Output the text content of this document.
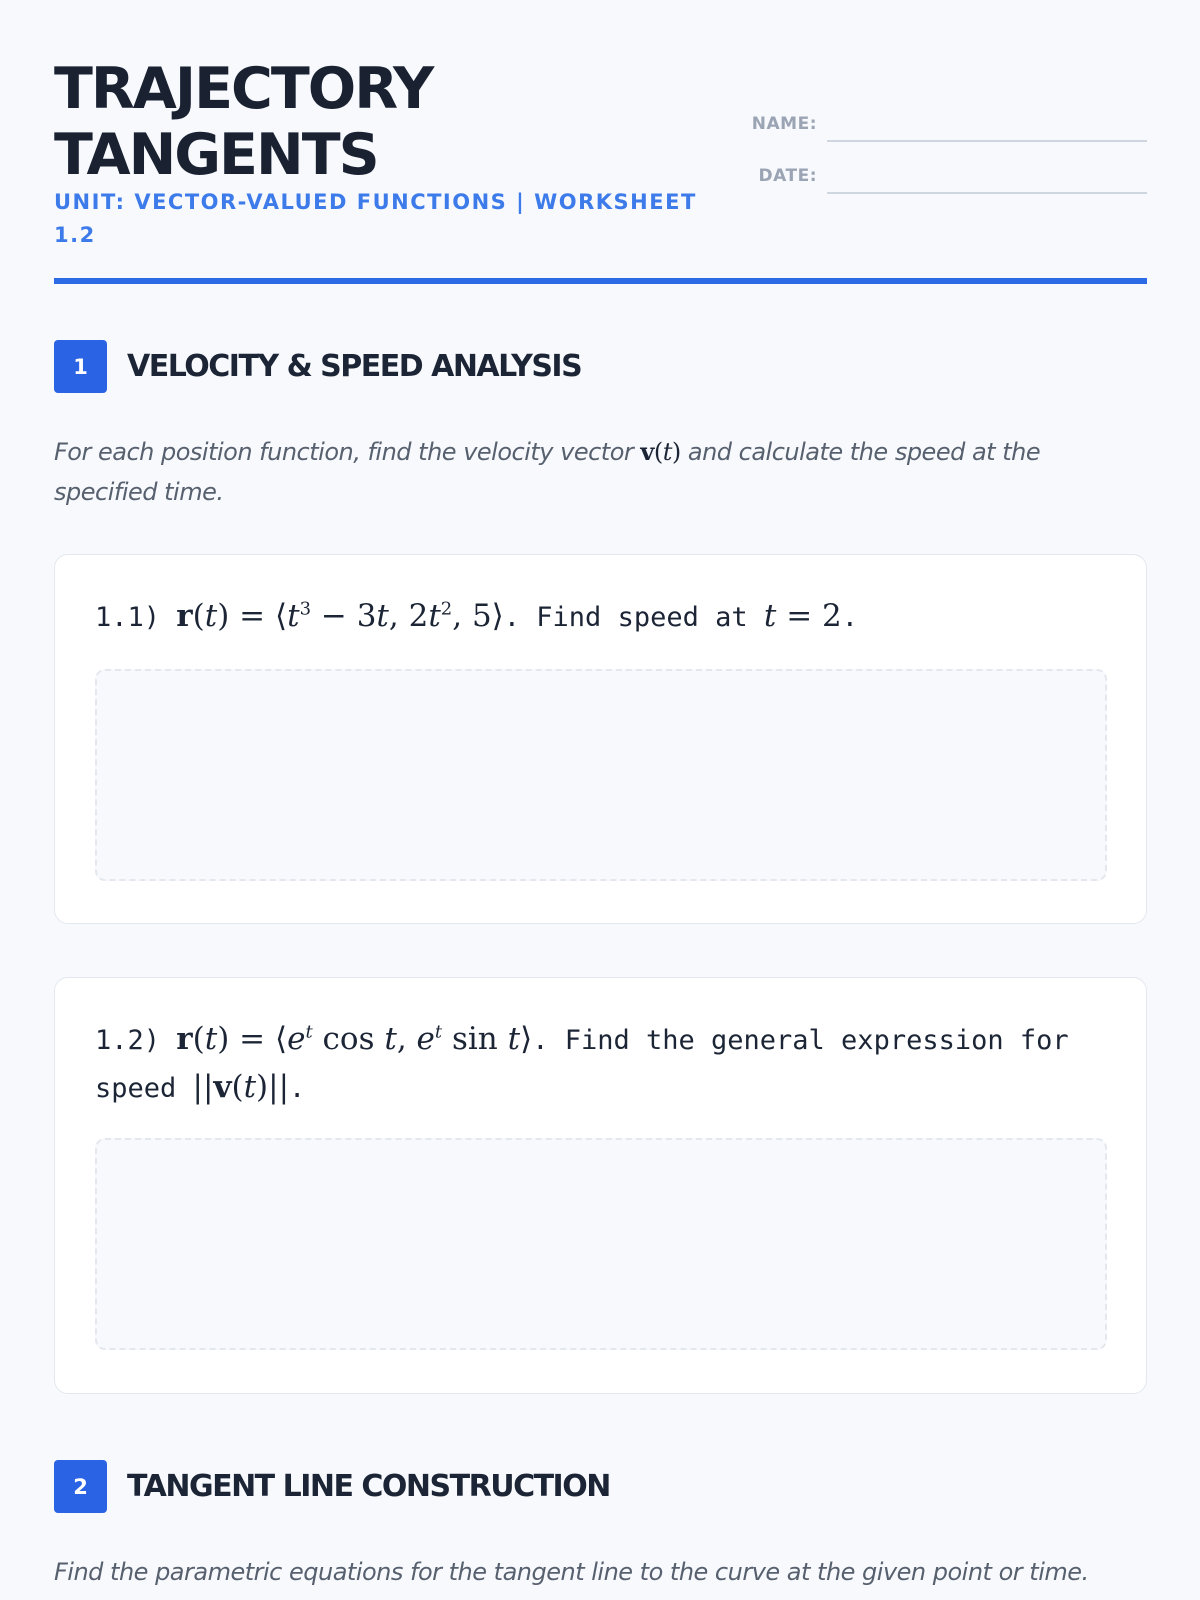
TRAJECTORY
TANGENTS
UNIT: VECTOR-VALUED FUNCTIONS | WORKSHEET 1.2
NAME:
DATE:
1	VELOCITY & SPEED ANALYSIS
For each position function, find the velocity vector v(t) and calculate the speed at the specified time.
1.1) $r(t) = ⟨t^3 - 3t$, $2t^2$, 5⟩. Find speed at t = 2.
1.2) $r(t) = ⟨e^t$ cos t, $e^t$ sin t⟩. Find the general expression for speed ||v(t)||.
2	TANGENT LINE CONSTRUCTION
Find the parametric equations for the tangent line to the curve at the given point or time.
